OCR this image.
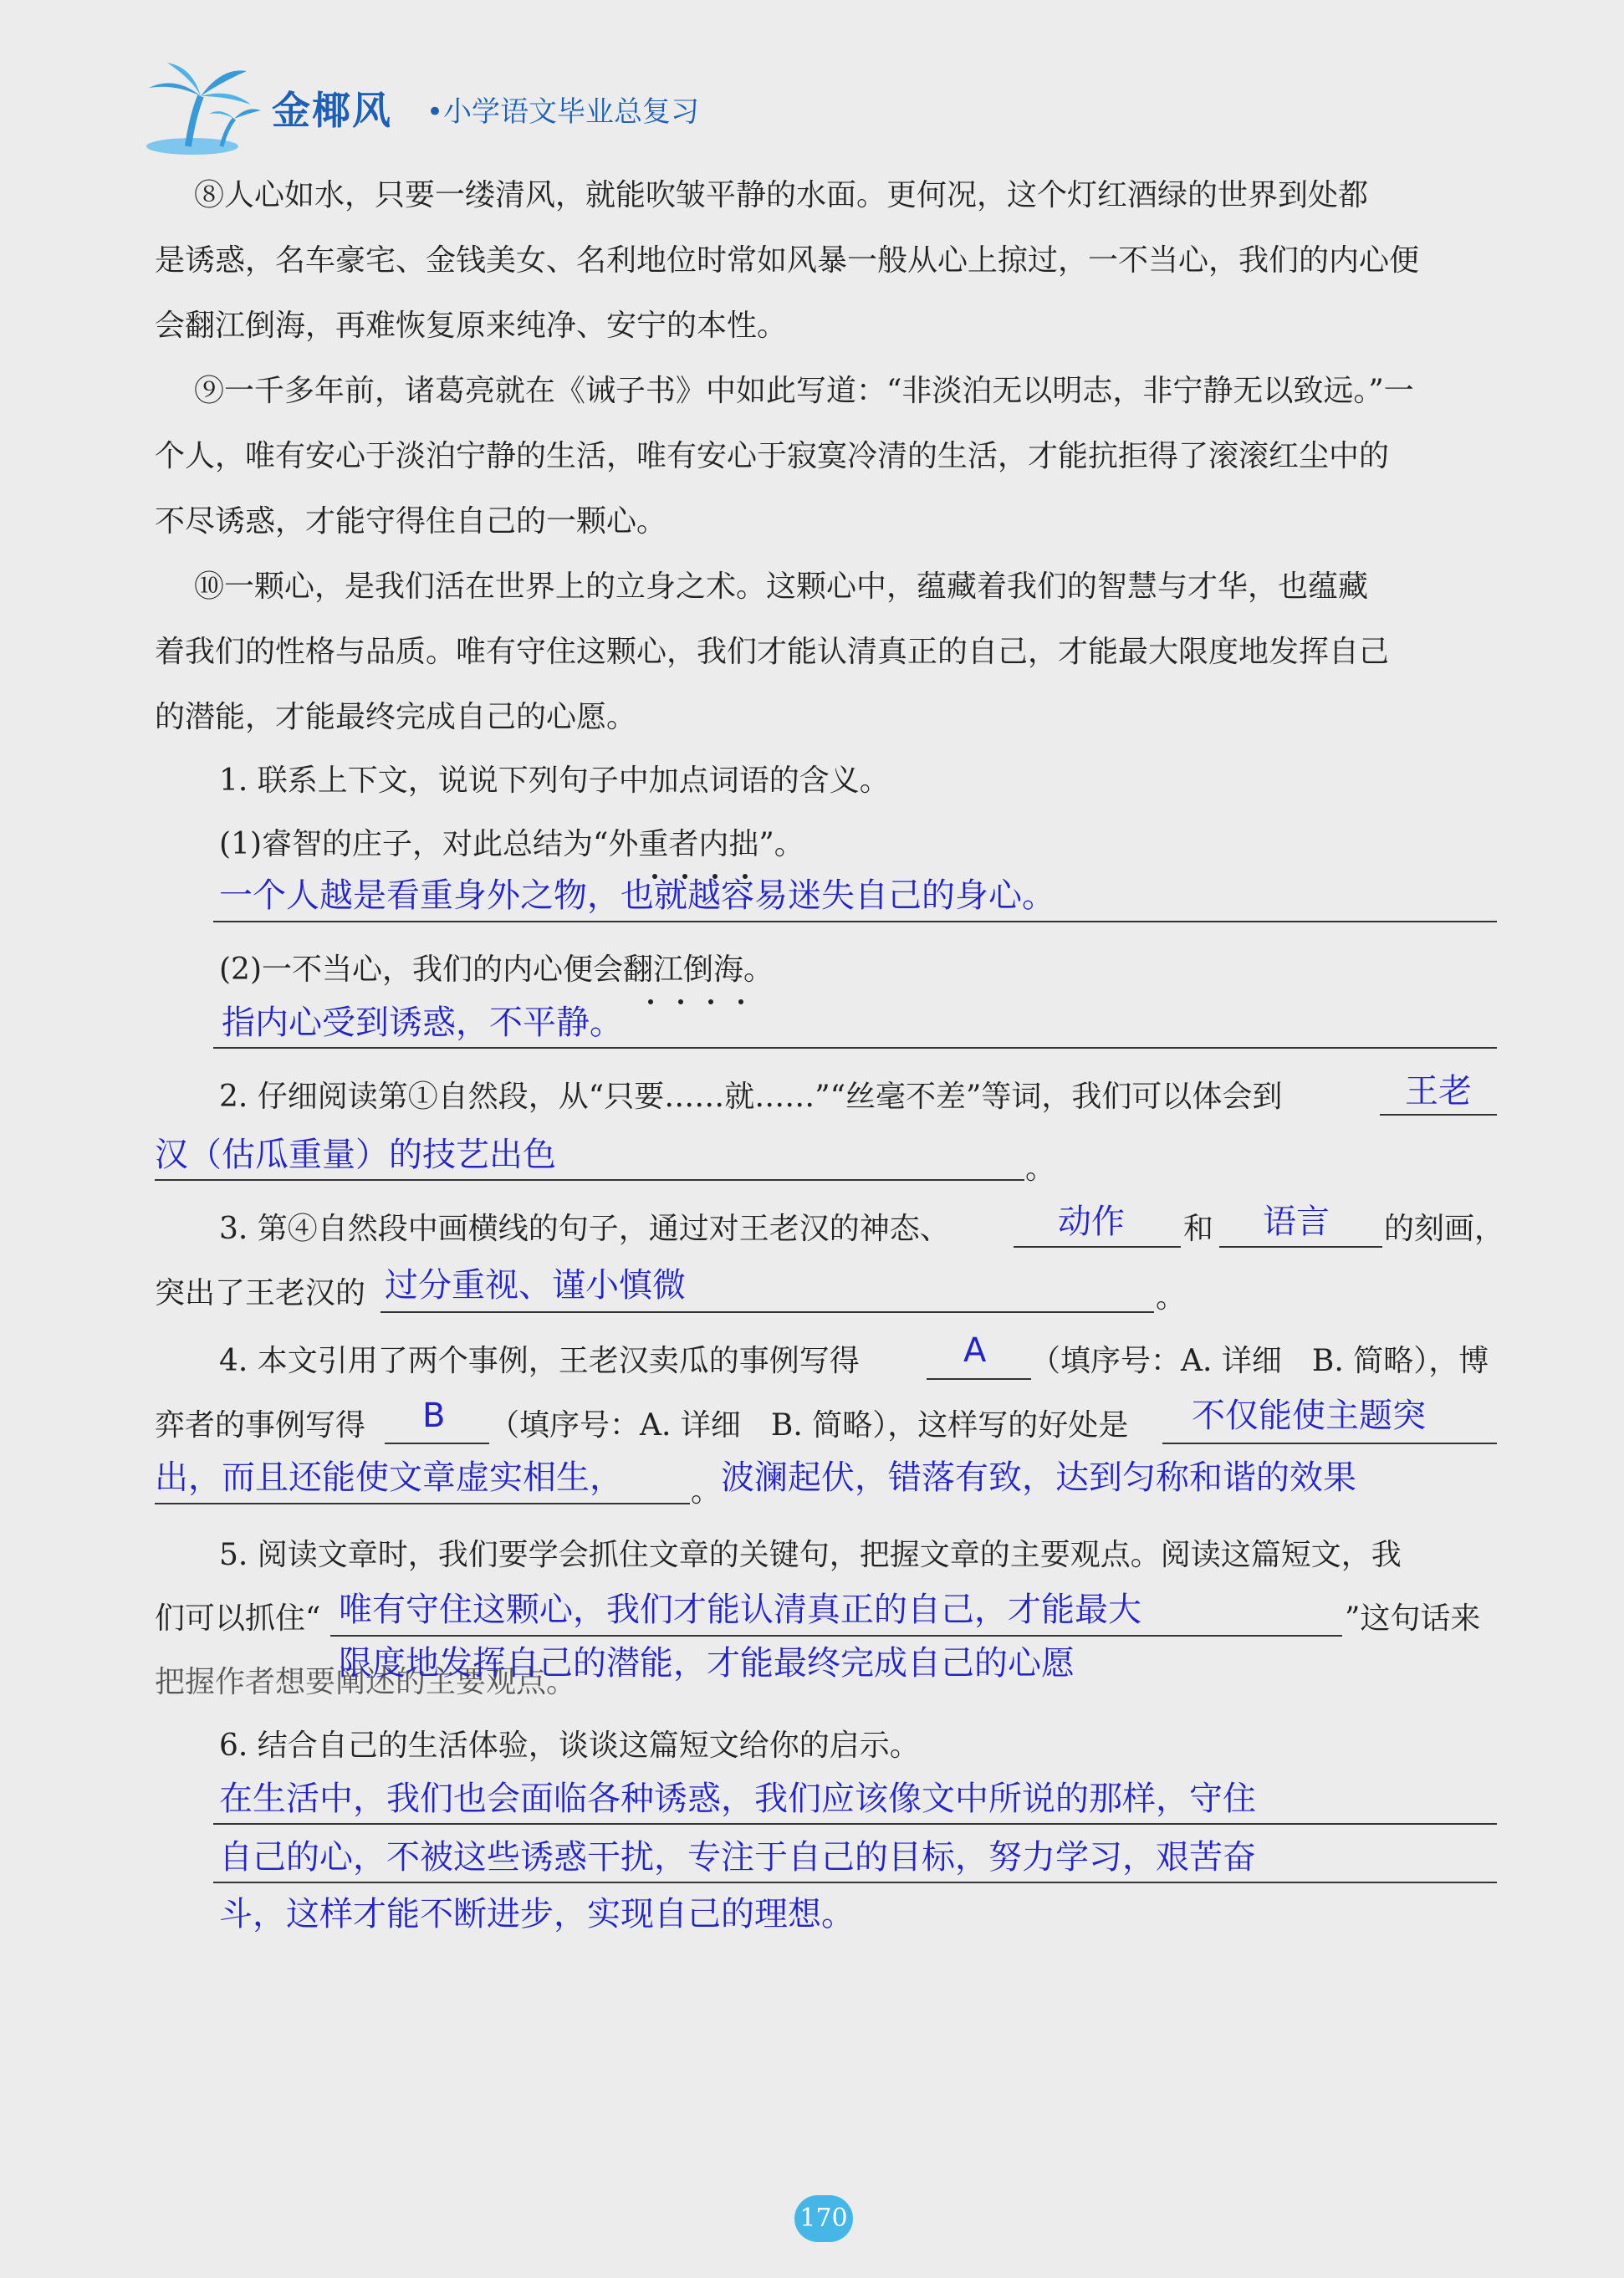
金椰风 •小学语文毕业总复习
⑧人心如水，只要一缕清风，就能吹皱平静的水面。更何况，这个灯红酒绿的世界到处都
是诱惑，名车豪宅、金钱美女、名利地位时常如风暴一般从心上掠过，一不当心，我们的内心便
会翻江倒海，再难恢复原来纯净、安宁的本性。
⑨一千多年前，诸葛亮就在《诫子书》中如此写道：“非淡泊无以明志，非宁静无以致远。”一
个人，唯有安心于淡泊宁静的生活，唯有安心于寂寞冷清的生活，才能抗拒得了滚滚红尘中的
不尽诱惑，才能守得住自己的一颗心。
⑩一颗心，是我们活在世界上的立身之术。这颗心中，蕴藏着我们的智慧与才华，也蕴藏
着我们的性格与品质。唯有守住这颗心，我们才能认清真正的自己，才能最大限度地发挥自己
的潜能，才能最终完成自己的心愿。
1. 联系上下文，说说下列句子中加点词语的含义。
(1)睿智的庄子，对此总结为“外重者内拙”。
一个人越是看重身外之物，也就越容易迷失自己的身心。
(2)一不当心，我们的内心便会翻江倒海。
指内心受到诱惑，不平静。
2. 仔细阅读第①自然段，从“只要……就……”“丝毫不差”等词，我们可以体会到	王老
汉（估瓜重量）的技艺出色	。
3. 第④自然段中画横线的句子，通过对王老汉的神态、	动作 和 语言 的刻画，
突出了王老汉的 过分重视、谨小慎微	。
4. 本文引用了两个事例，王老汉卖瓜的事例写得	A （填序号：A. 详细　B. 简略），博
弈者的事例写得 B （填序号：A. 详细　B. 简略），这样写的好处是 不仅能使主题突
出，而且还能使文章虚实相生， 。 波澜起伏，错落有致，达到匀称和谐的效果
5. 阅读文章时，我们要学会抓住文章的关键句，把握文章的主要观点。阅读这篇短文，我
们可以抓住“ 唯有守住这颗心，我们才能认清真正的自己，才能最大	”这句话来
把握作者想要阐述的主要观点。
限度地发挥自己的潜能，才能最终完成自己的心愿
6. 结合自己的生活体验，谈谈这篇短文给你的启示。
在生活中，我们也会面临各种诱惑，我们应该像文中所说的那样，守住
自己的心，不被这些诱惑干扰，专注于自己的目标，努力学习，艰苦奋
斗，这样才能不断进步，实现自己的理想。
170
